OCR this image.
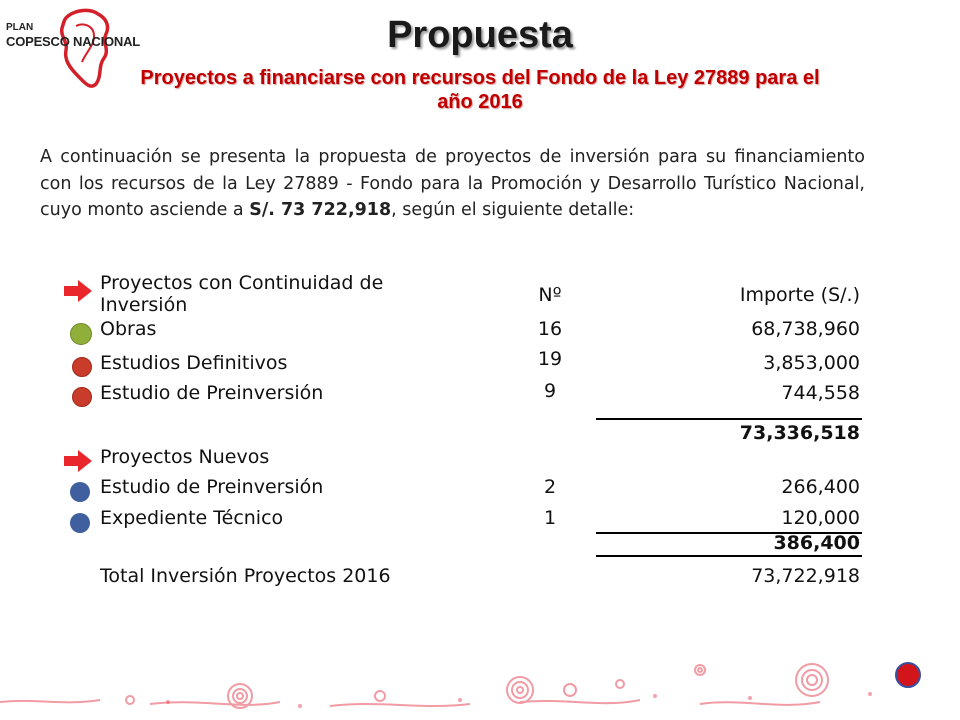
PLAN
COPESCO NACIONAL	Propuesta
Proyectos a financiarse con recursos del Fondo de la Ley 27889 para el año 2016
A continuación se presenta la propuesta de proyectos de inversión para su financiamiento con los recursos de la Ley 27889 - Fondo para la Promoción y Desarrollo Turístico Nacional, cuyo monto asciende a S/. 73 722,918, según el siguiente detalle:
Proyectos con Continuidad de Inversión	Nº	Importe (S/.)
Obras	16	68,738,960
Estudios Definitivos	19	3,853,000
Estudio de Preinversión	9	744,558
73,336,518
Proyectos Nuevos
Estudio de Preinversión	2	266,400
Expediente Técnico	1	120,000
386,400
Total Inversión Proyectos 2016	73,722,918
